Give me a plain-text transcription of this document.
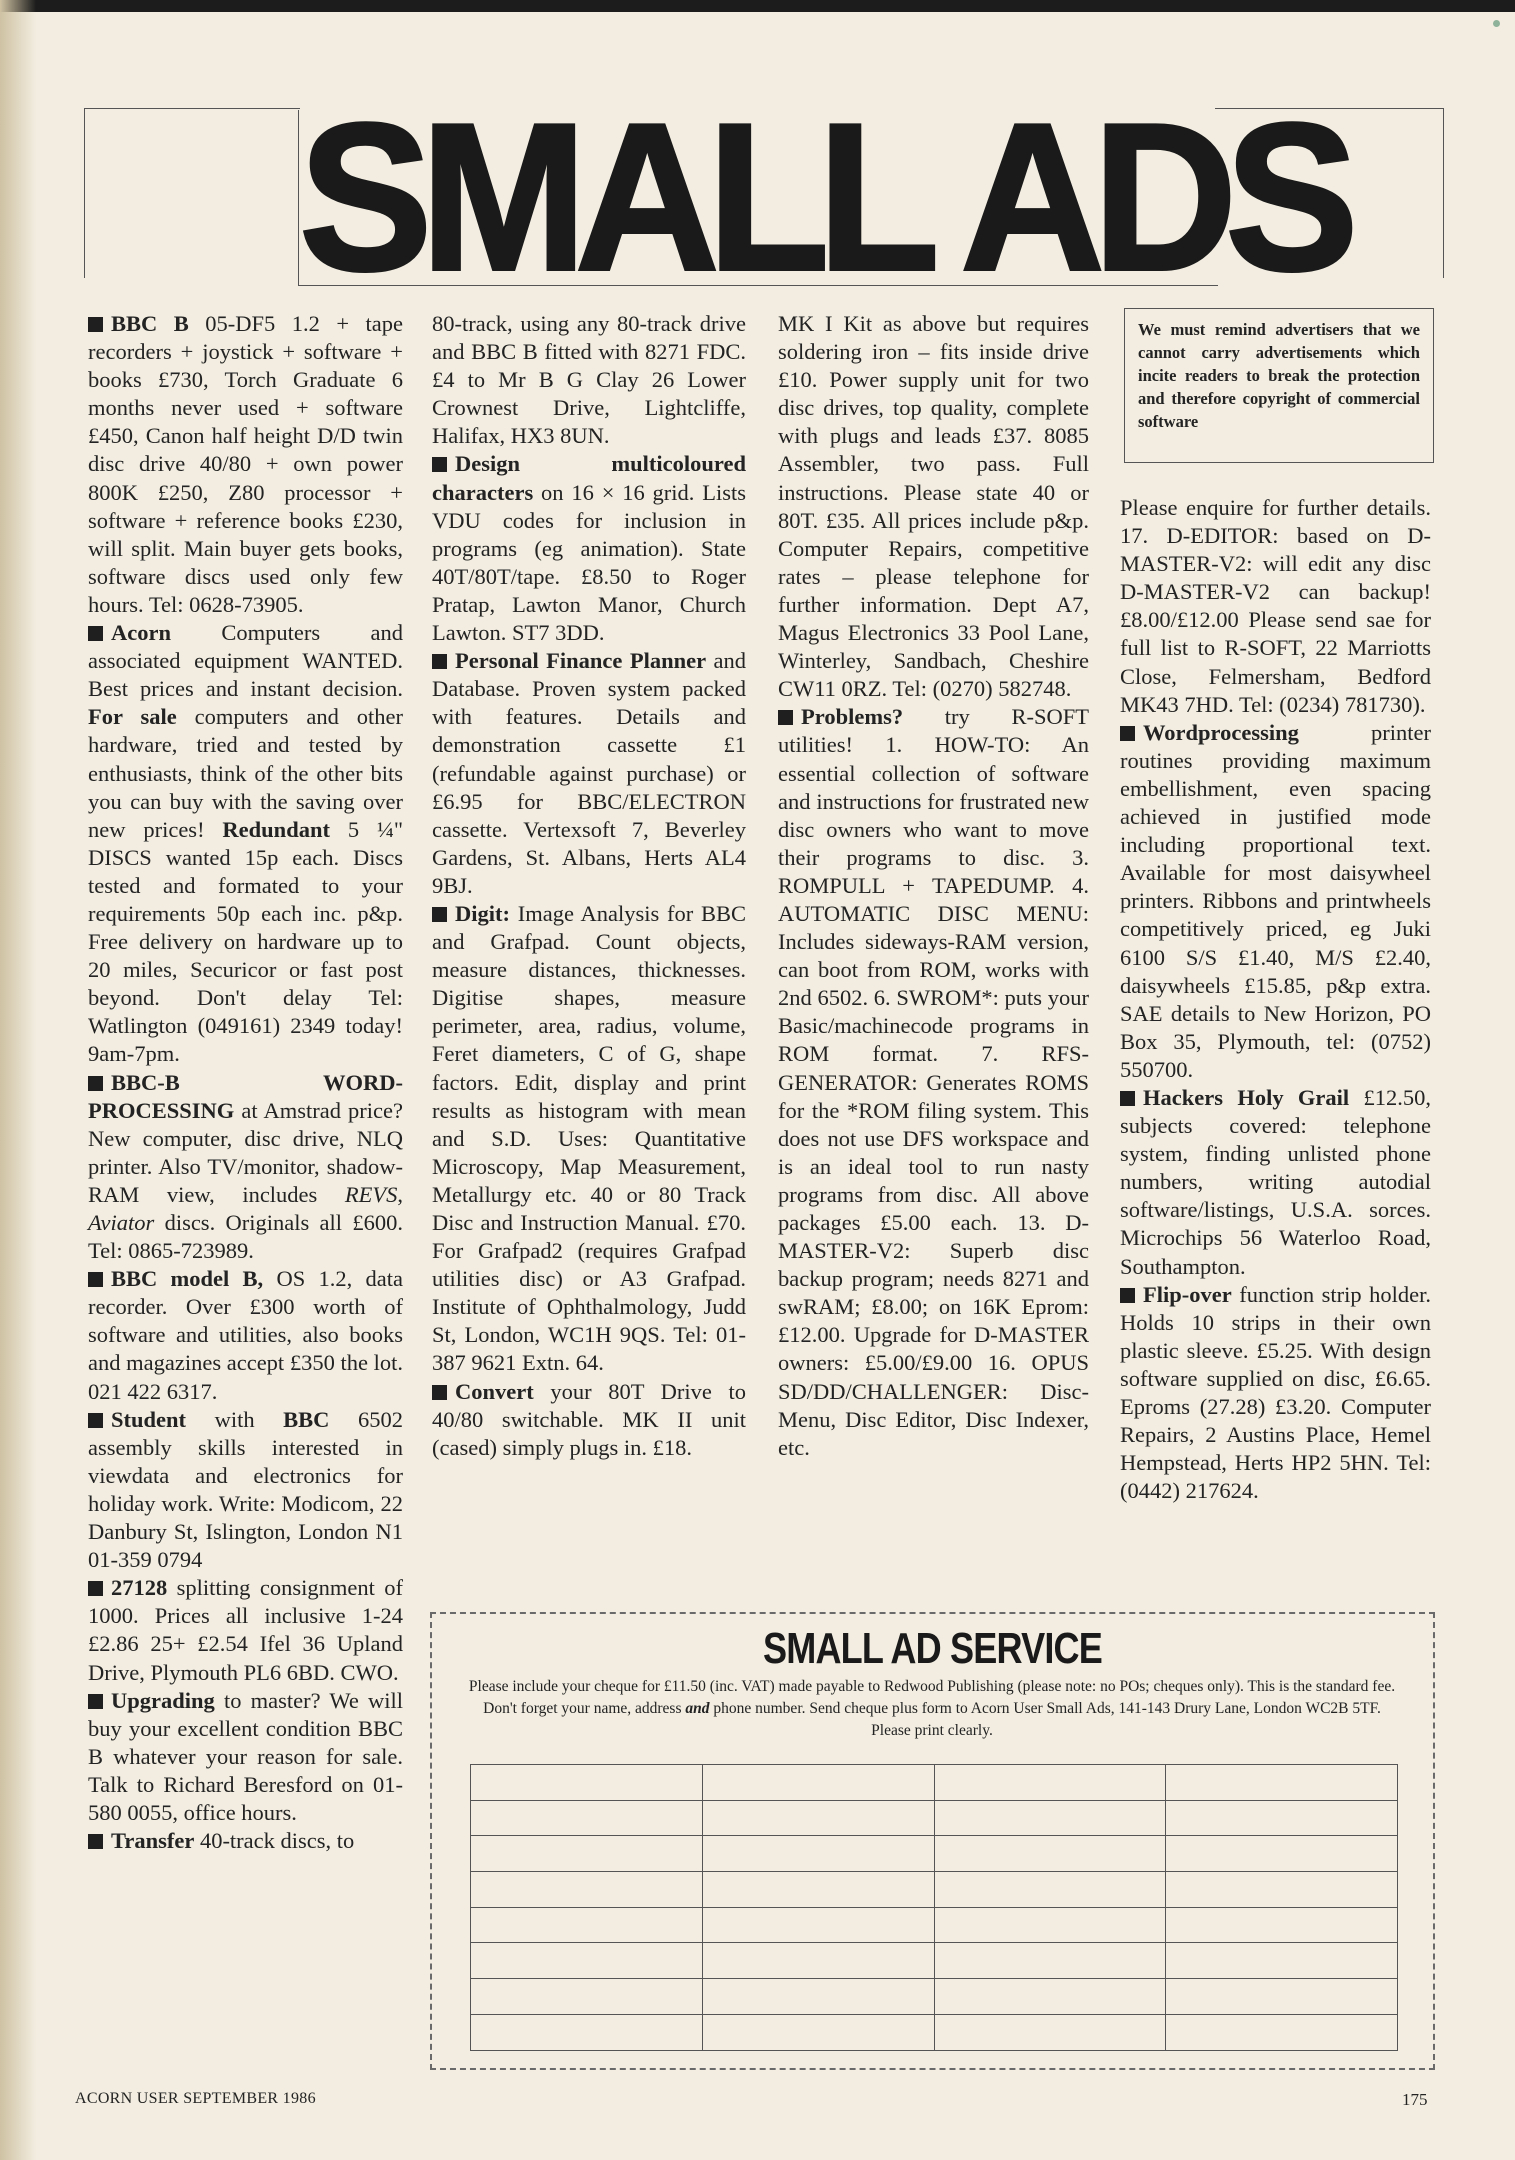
SMALL ADS

BBC B 05-DF5 1.2 + tape recorders + joystick + software + books £730, Torch Graduate 6 months never used + software £450, Canon half height D/D twin disc drive 40/80 + own power 800K £250, Z80 processor + software + reference books £230, will split. Main buyer gets books, software discs used only few hours. Tel: 0628-73905.

Acorn Computers and associated equipment WANTED. Best prices and instant decision. For sale computers and other hardware, tried and tested by enthusiasts, think of the other bits you can buy with the saving over new prices! Redundant 5 ¼" DISCS wanted 15p each. Discs tested and formated to your requirements 50p each inc. p&p. Free delivery on hardware up to 20 miles, Securicor or fast post beyond. Don't delay Tel: Watlington (049161) 2349 today! 9am-7pm.

BBC-B WORD-PROCESSING at Amstrad price? New computer, disc drive, NLQ printer. Also TV/monitor, shadow-RAM view, includes REVS, Aviator discs. Originals all £600. Tel: 0865-723989.

BBC model B, OS 1.2, data recorder. Over £300 worth of software and utilities, also books and magazines accept £350 the lot. 021 422 6317.

Student with BBC 6502 assembly skills interested in viewdata and electronics for holiday work. Write: Modicom, 22 Danbury St, Islington, London N1 01-359 0794

27128 splitting consignment of 1000. Prices all inclusive 1-24 £2.86 25+ £2.54 Ifel 36 Upland Drive, Plymouth PL6 6BD. CWO.

Upgrading to master? We will buy your excellent condition BBC B whatever your reason for sale. Talk to Richard Beresford on 01-580 0055, office hours.

Transfer 40-track discs, to

80-track, using any 80-track drive and BBC B fitted with 8271 FDC. £4 to Mr B G Clay 26 Lower Crownest Drive, Lightcliffe, Halifax, HX3 8UN.

Design multicoloured characters on 16 × 16 grid. Lists VDU codes for inclusion in programs (eg animation). State 40T/80T/tape. £8.50 to Roger Pratap, Lawton Manor, Church Lawton. ST7 3DD.

Personal Finance Planner and Database. Proven system packed with features. Details and demonstration cassette £1 (refundable against purchase) or £6.95 for BBC/ELECTRON cassette. Vertexsoft 7, Beverley Gardens, St. Albans, Herts AL4 9BJ.

Digit: Image Analysis for BBC and Grafpad. Count objects, measure distances, thicknesses. Digitise shapes, measure perimeter, area, radius, volume, Feret diameters, C of G, shape factors. Edit, display and print results as histogram with mean and S.D. Uses: Quantitative Microscopy, Map Measurement, Metallurgy etc. 40 or 80 Track Disc and Instruction Manual. £70. For Grafpad2 (requires Grafpad utilities disc) or A3 Grafpad. Institute of Ophthalmology, Judd St, London, WC1H 9QS. Tel: 01-387 9621 Extn. 64.

Convert your 80T Drive to 40/80 switchable. MK II unit (cased) simply plugs in. £18.

MK I Kit as above but requires soldering iron – fits inside drive £10. Power supply unit for two disc drives, top quality, complete with plugs and leads £37. 8085 Assembler, two pass. Full instructions. Please state 40 or 80T. £35. All prices include p&p. Computer Repairs, competitive rates – please telephone for further information. Dept A7, Magus Electronics 33 Pool Lane, Winterley, Sandbach, Cheshire CW11 0RZ. Tel: (0270) 582748.

Problems? try R-SOFT utilities! 1. HOW-TO: An essential collection of software and instructions for frustrated new disc owners who want to move their programs to disc. 3. ROMPULL + TAPEDUMP. 4. AUTOMATIC DISC MENU: Includes sideways-RAM version, can boot from ROM, works with 2nd 6502. 6. SWROM*: puts your Basic/machinecode programs in ROM format. 7. RFS-GENERATOR: Generates ROMS for the *ROM filing system. This does not use DFS workspace and is an ideal tool to run nasty programs from disc. All above packages £5.00 each. 13. D-MASTER-V2: Superb disc backup program; needs 8271 and swRAM; £8.00; on 16K Eprom: £12.00. Upgrade for D-MASTER owners: £5.00/£9.00 16. OPUS SD/DD/CHALLENGER: Disc-Menu, Disc Editor, Disc Indexer, etc.

We must remind advertisers that we cannot carry advertisements which incite readers to break the protection and therefore copyright of commercial software

Please enquire for further details. 17. D-EDITOR: based on D-MASTER-V2: will edit any disc D-MASTER-V2 can backup! £8.00/£12.00 Please send sae for full list to R-SOFT, 22 Marriotts Close, Felmersham, Bedford MK43 7HD. Tel: (0234) 781730).

Wordprocessing printer routines providing maximum embellishment, even spacing achieved in justified mode including proportional text. Available for most daisywheel printers. Ribbons and printwheels competitively priced, eg Juki 6100 S/S £1.40, M/S £2.40, daisywheels £15.85, p&p extra. SAE details to New Horizon, PO Box 35, Plymouth, tel: (0752) 550700.

Hackers Holy Grail £12.50, subjects covered: telephone system, finding unlisted phone numbers, writing autodial software/listings, U.S.A. sorces. Microchips 56 Waterloo Road, Southampton.

Flip-over function strip holder. Holds 10 strips in their own plastic sleeve. £5.25. With design software supplied on disc, £6.65. Eproms (27.28) £3.20. Computer Repairs, 2 Austins Place, Hemel Hempstead, Herts HP2 5HN. Tel: (0442) 217624.

SMALL AD SERVICE
Please include your cheque for £11.50 (inc. VAT) made payable to Redwood Publishing (please note: no POs; cheques only). This is the standard fee. Don't forget your name, address and phone number. Send cheque plus form to Acorn User Small Ads, 141-143 Drury Lane, London WC2B 5TF. Please print clearly.

ACORN USER SEPTEMBER 1986	175
